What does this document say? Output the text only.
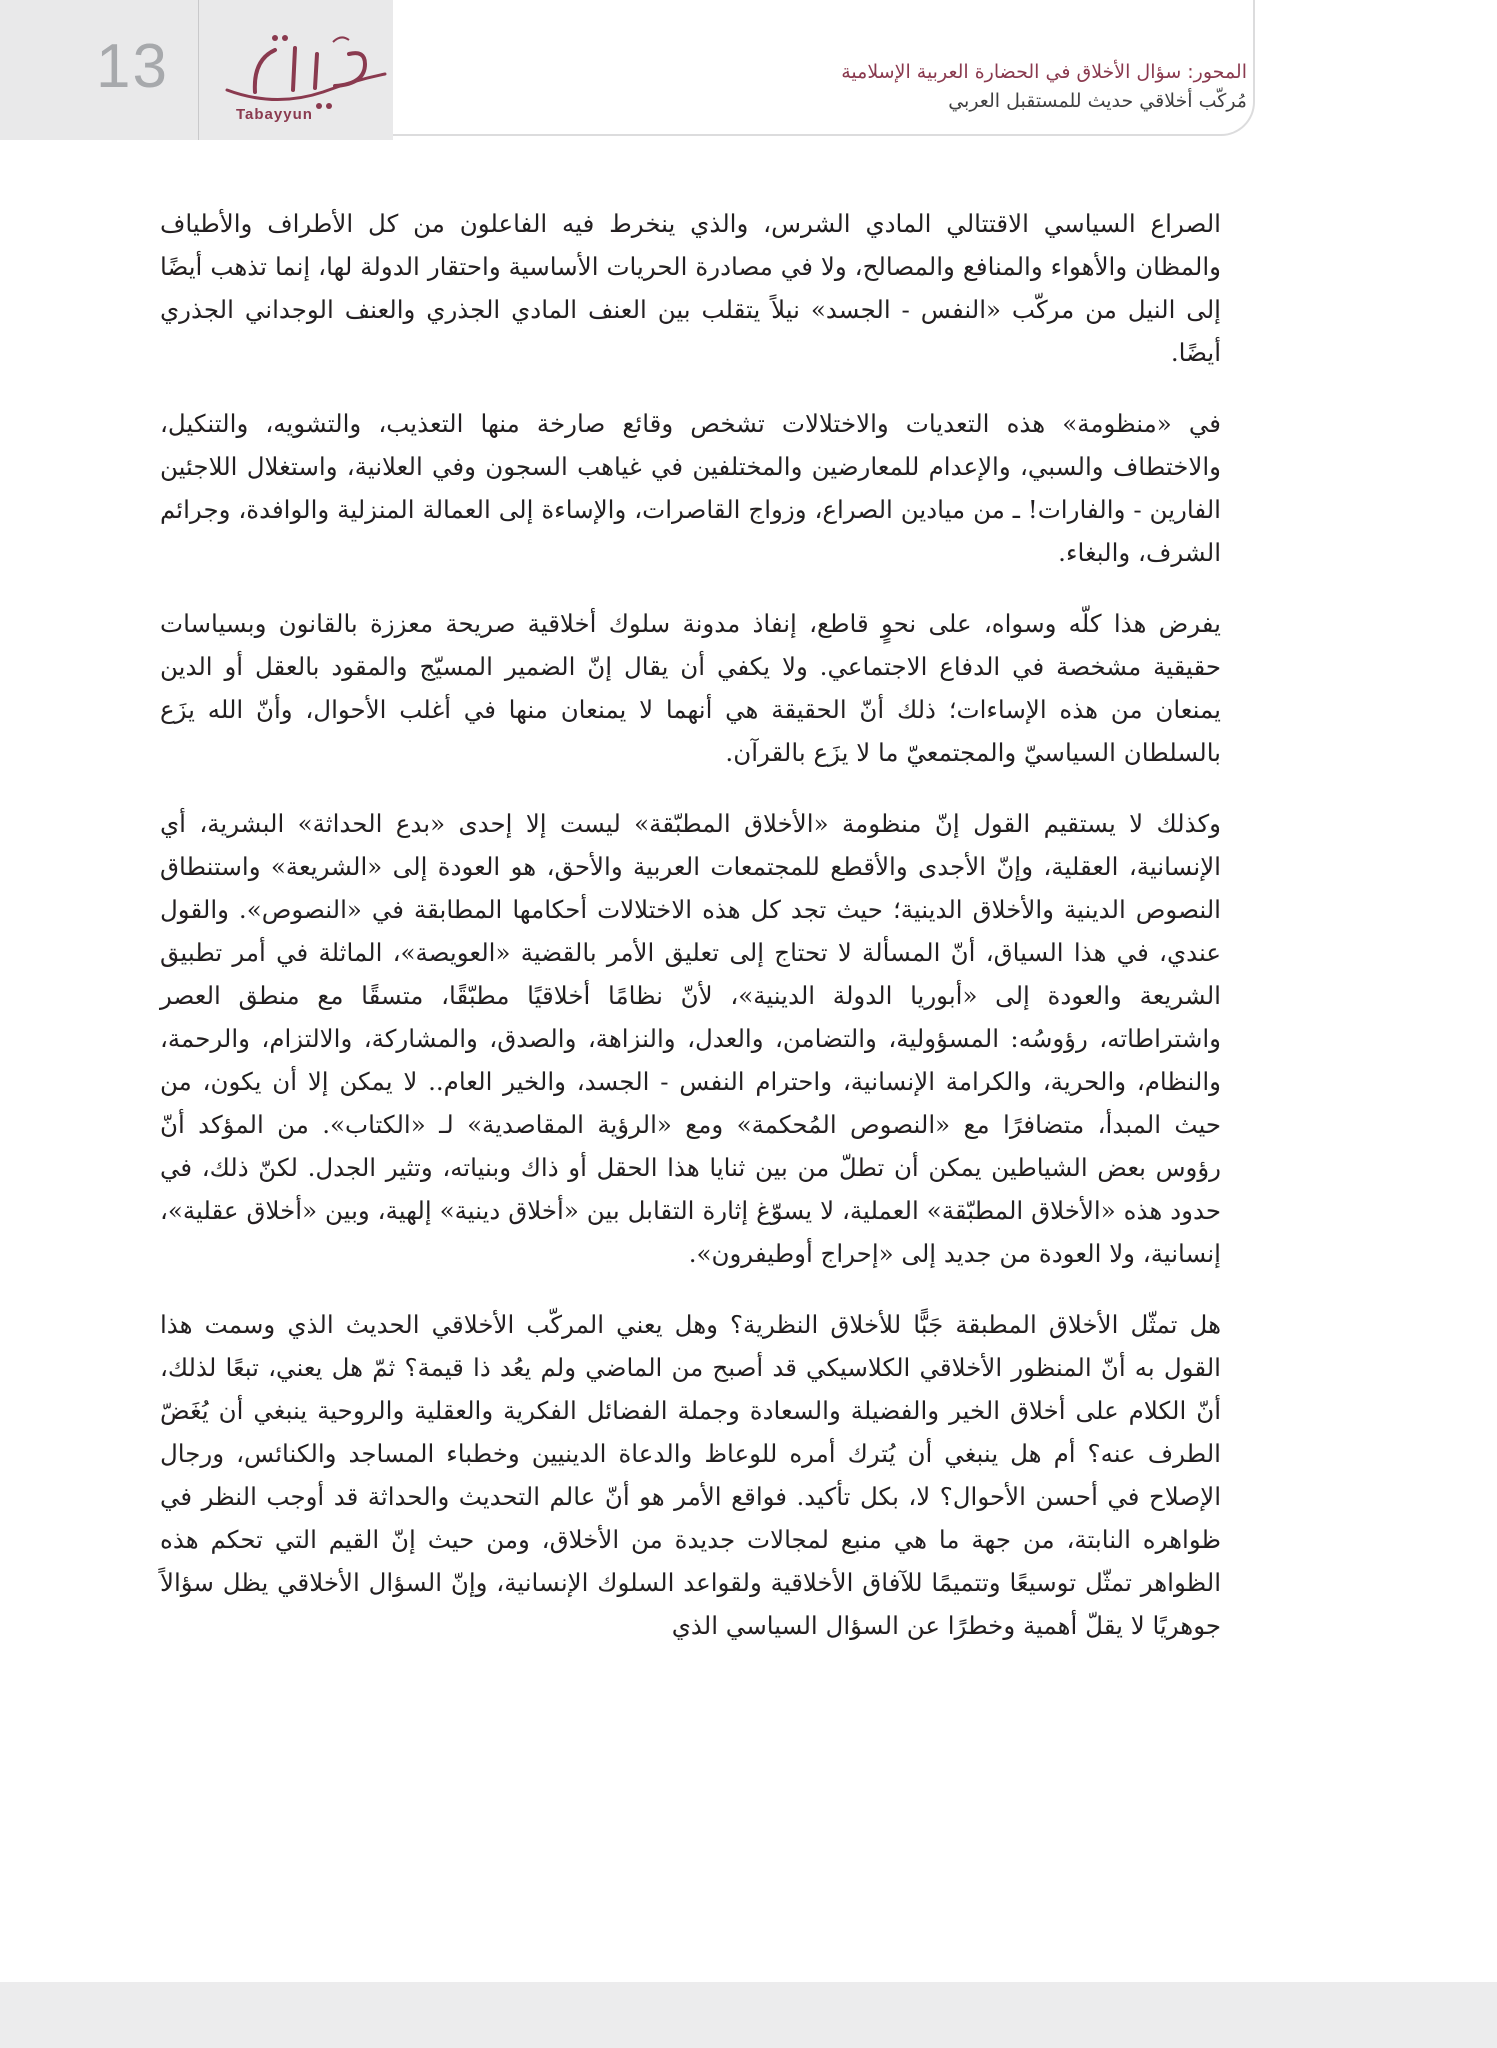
13
Tabayyun
المحور: سؤال الأخلاق في الحضارة العربية الإسلامية
مُركّب أخلاقي حديث للمستقبل العربي

الصراع السياسي الاقتتالي المادي الشرس، والذي ينخرط فيه الفاعلون من كل الأطراف والأطياف والمظان والأهواء والمنافع والمصالح، ولا في مصادرة الحريات الأساسية واحتقار الدولة لها، إنما تذهب أيضًا إلى النيل من مركّب «النفس - الجسد» نيلاً يتقلب بين العنف المادي الجذري والعنف الوجداني الجذري أيضًا.

في «منظومة» هذه التعديات والاختلالات تشخص وقائع صارخة منها التعذيب، والتشويه، والتنكيل، والاختطاف والسبي، والإعدام للمعارضين والمختلفين في غياهب السجون وفي العلانية، واستغلال اللاجئين الفارين - والفارات! ـ من ميادين الصراع، وزواج القاصرات، والإساءة إلى العمالة المنزلية والوافدة، وجرائم الشرف، والبغاء.

يفرض هذا كلّه وسواه، على نحوٍ قاطع، إنفاذ مدونة سلوك أخلاقية صريحة معززة بالقانون وبسياسات حقيقية مشخصة في الدفاع الاجتماعي. ولا يكفي أن يقال إنّ الضمير المسيّج والمقود بالعقل أو الدين يمنعان من هذه الإساءات؛ ذلك أنّ الحقيقة هي أنهما لا يمنعان منها في أغلب الأحوال، وأنّ الله يزَع بالسلطان السياسيّ والمجتمعيّ ما لا يزَع بالقرآن.

وكذلك لا يستقيم القول إنّ منظومة «الأخلاق المطبّقة» ليست إلا إحدى «بدع الحداثة» البشرية، أي الإنسانية، العقلية، وإنّ الأجدى والأقطع للمجتمعات العربية والأحق، هو العودة إلى «الشريعة» واستنطاق النصوص الدينية والأخلاق الدينية؛ حيث تجد كل هذه الاختلالات أحكامها المطابقة في «النصوص». والقول عندي، في هذا السياق، أنّ المسألة لا تحتاج إلى تعليق الأمر بالقضية «العويصة»، الماثلة في أمر تطبيق الشريعة والعودة إلى «أبوريا الدولة الدينية»، لأنّ نظامًا أخلاقيًا مطبّقًا، متسقًا مع منطق العصر واشتراطاته، رؤوسُه: المسؤولية، والتضامن، والعدل، والنزاهة، والصدق، والمشاركة، والالتزام، والرحمة، والنظام، والحرية، والكرامة الإنسانية، واحترام النفس - الجسد، والخير العام.. لا يمكن إلا أن يكون، من حيث المبدأ، متضافرًا مع «النصوص المُحكمة» ومع «الرؤية المقاصدية» لـ «الكتاب». من المؤكد أنّ رؤوس بعض الشياطين يمكن أن تطلّ من بين ثنايا هذا الحقل أو ذاك وبنياته، وتثير الجدل. لكنّ ذلك، في حدود هذه «الأخلاق المطبّقة» العملية، لا يسوّغ إثارة التقابل بين «أخلاق دينية» إلهية، وبين «أخلاق عقلية»، إنسانية، ولا العودة من جديد إلى «إحراج أوطيفرون».

هل تمثّل الأخلاق المطبقة جَبًّا للأخلاق النظرية؟ وهل يعني المركّب الأخلاقي الحديث الذي وسمت هذا القول به أنّ المنظور الأخلاقي الكلاسيكي قد أصبح من الماضي ولم يعُد ذا قيمة؟ ثمّ هل يعني، تبعًا لذلك، أنّ الكلام على أخلاق الخير والفضيلة والسعادة وجملة الفضائل الفكرية والعقلية والروحية ينبغي أن يُغَضّ الطرف عنه؟ أم هل ينبغي أن يُترك أمره للوعاظ والدعاة الدينيين وخطباء المساجد والكنائس، ورجال الإصلاح في أحسن الأحوال؟ لا، بكل تأكيد. فواقع الأمر هو أنّ عالم التحديث والحداثة قد أوجب النظر في ظواهره النابتة، من جهة ما هي منبع لمجالات جديدة من الأخلاق، ومن حيث إنّ القيم التي تحكم هذه الظواهر تمثّل توسيعًا وتتميمًا للآفاق الأخلاقية ولقواعد السلوك الإنسانية، وإنّ السؤال الأخلاقي يظل سؤالاً جوهريًا لا يقلّ أهمية وخطرًا عن السؤال السياسي الذي
